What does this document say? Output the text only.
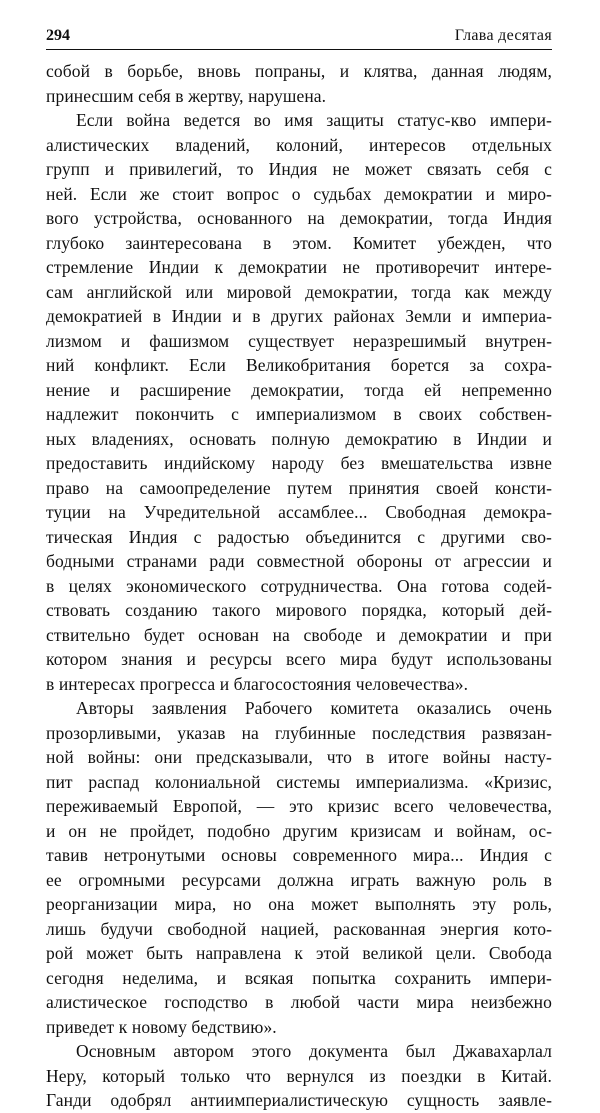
294	Глава десятая
собой в борьбе, вновь попраны, и клятва, данная людям,
принесшим себя в жертву, нарушена.
Если война ведется во имя защиты статус-кво импери-
алистических владений, колоний, интересов отдельных
групп и привилегий, то Индия не может связать себя с
ней. Если же стоит вопрос о судьбах демократии и миро-
вого устройства, основанного на демократии, тогда Индия
глубоко заинтересована в этом. Комитет убежден, что
стремление Индии к демократии не противоречит интере-
сам английской или мировой демократии, тогда как между
демократией в Индии и в других районах Земли и империа-
лизмом и фашизмом существует неразрешимый внутрен-
ний конфликт. Если Великобритания борется за сохра-
нение и расширение демократии, тогда ей непременно
надлежит покончить с империализмом в своих собствен-
ных владениях, основать полную демократию в Индии и
предоставить индийскому народу без вмешательства извне
право на самоопределение путем принятия своей консти-
туции на Учредительной ассамблее... Свободная демокра-
тическая Индия с радостью объединится с другими сво-
бодными странами ради совместной обороны от агрессии и
в целях экономического сотрудничества. Она готова содей-
ствовать созданию такого мирового порядка, который дей-
ствительно будет основан на свободе и демократии и при
котором знания и ресурсы всего мира будут использованы
в интересах прогресса и благосостояния человечества».
Авторы заявления Рабочего комитета оказались очень
прозорливыми, указав на глубинные последствия развязан-
ной войны: они предсказывали, что в итоге войны насту-
пит распад колониальной системы империализма. «Кризис,
переживаемый Европой, — это кризис всего человечества,
и он не пройдет, подобно другим кризисам и войнам, ос-
тавив нетронутыми основы современного мира... Индия с
ее огромными ресурсами должна играть важную роль в
реорганизации мира, но она может выполнять эту роль,
лишь будучи свободной нацией, раскованная энергия кото-
рой может быть направлена к этой великой цели. Свобода
сегодня неделима, и всякая попытка сохранить импери-
алистическое господство в любой части мира неизбежно
приведет к новому бедствию».
Основным автором этого документа был Джавахарлал
Неру, который только что вернулся из поездки в Китай.
Ганди одобрял антиимпериалистическую сущность заявле-
